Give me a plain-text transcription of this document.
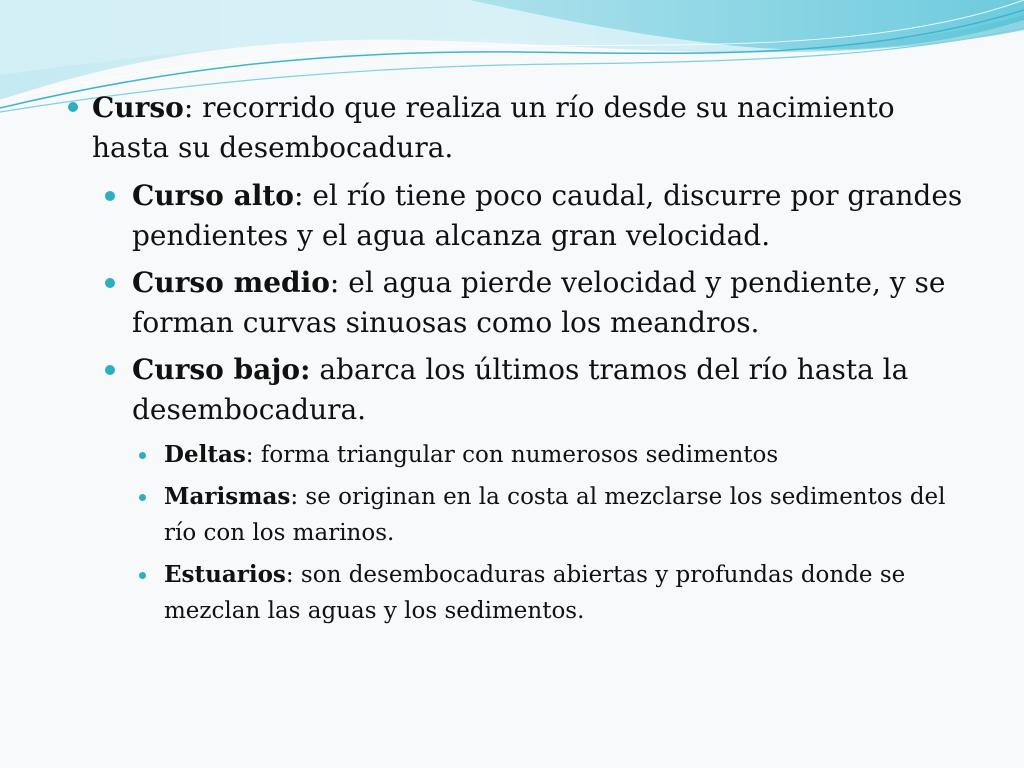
Curso: recorrido que realiza un río desde su nacimiento hasta su desembocadura.

Curso alto: el río tiene poco caudal, discurre por grandes pendientes y el agua alcanza gran velocidad.

Curso medio: el agua pierde velocidad y pendiente, y se forman curvas sinuosas como los meandros.

Curso bajo: abarca los últimos tramos del río hasta la desembocadura.

Deltas: forma triangular con numerosos sedimentos

Marismas: se originan en la costa al mezclarse los sedimentos del río con los marinos.

Estuarios: son desembocaduras abiertas y profundas donde se mezclan las aguas y los sedimentos.
